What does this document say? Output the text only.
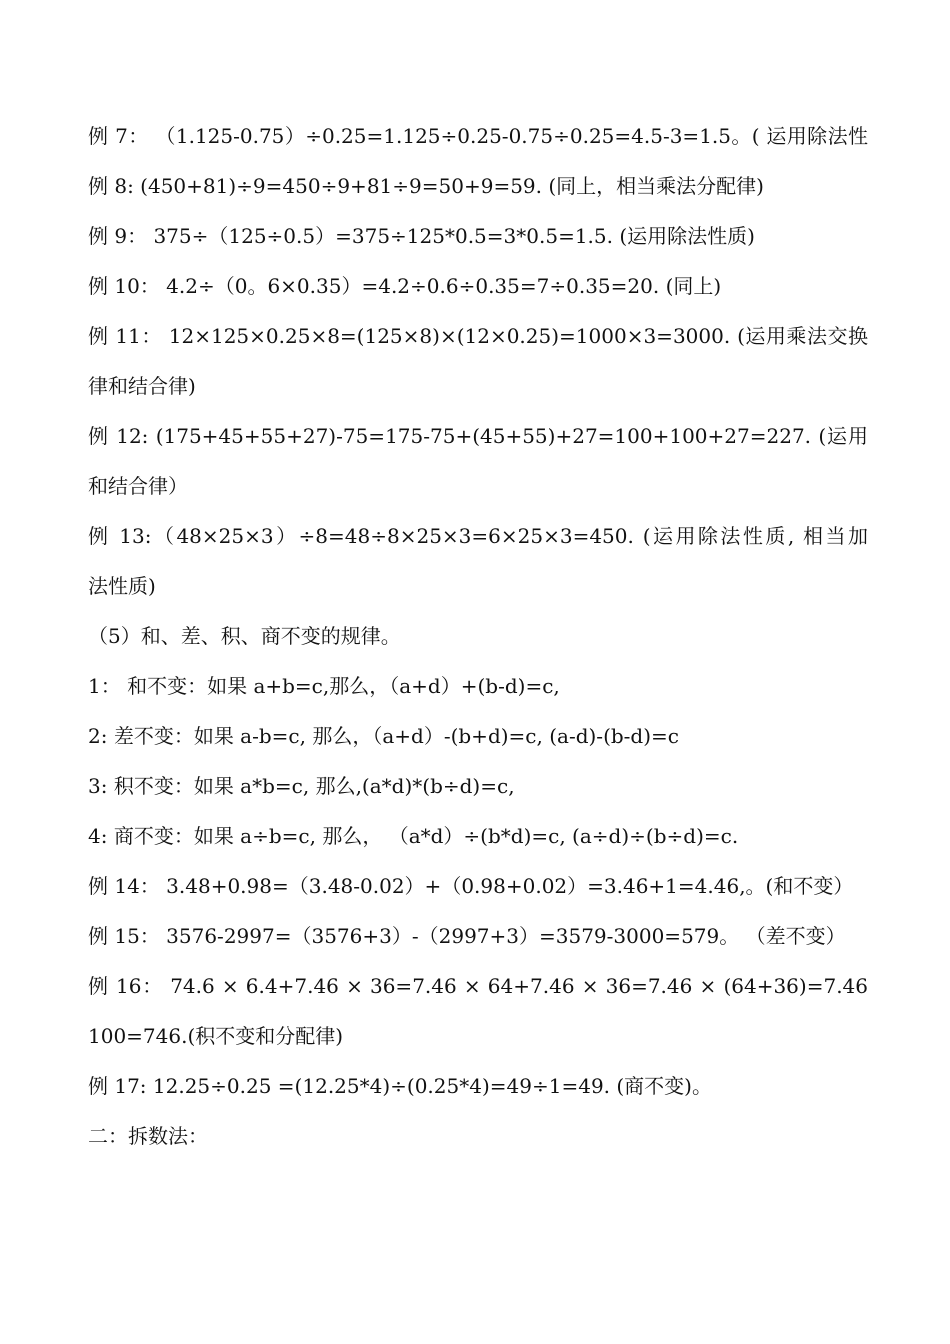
例 7： （1.125-0.75）÷0.25=1.125÷0.25-0.75÷0.25=4.5-3=1.5。( 运用除法性
例 8: (450+81)÷9=450÷9+81÷9=50+9=59. (同上，相当乘法分配律)
例 9： 375÷（125÷0.5）=375÷125*0.5=3*0.5=1.5. (运用除法性质)
例 10： 4.2÷（0。6×0.35）=4.2÷0.6÷0.35=7÷0.35=20. (同上)
例 11： 12×125×0.25×8=(125×8)×(12×0.25)=1000×3=3000. (运用乘法交换
律和结合律)
例 12: (175+45+55+27)-75=175-75+(45+55)+27=100+100+27=227. (运用
和结合律）
例 13:（48×25×3）÷8=48÷8×25×3=6×25×3=450. (运用除法性质, 相当加
法性质)
（5）和、差、积、商不变的规律。
1： 和不变：如果 a+b=c,那么，（a+d）+(b-d)=c,
2: 差不变：如果 a-b=c, 那么，（a+d）-(b+d)=c, (a-d)-(b-d)=c
3: 积不变：如果 a*b=c, 那么,(a*d)*(b÷d)=c,
4: 商不变：如果 a÷b=c, 那么， （a*d）÷(b*d)=c, (a÷d)÷(b÷d)=c.
例 14： 3.48+0.98=（3.48-0.02）+（0.98+0.02）=3.46+1=4.46,。(和不变）
例 15： 3576-2997=（3576+3）-（2997+3）=3579-3000=579。 （差不变）
例 16： 74.6 × 6.4+7.46 × 36=7.46 × 64+7.46 × 36=7.46 × (64+36)=7.46
100=746.(积不变和分配律)
例 17: 12.25÷0.25 =(12.25*4)÷(0.25*4)=49÷1=49. (商不变)。
二：拆数法：
